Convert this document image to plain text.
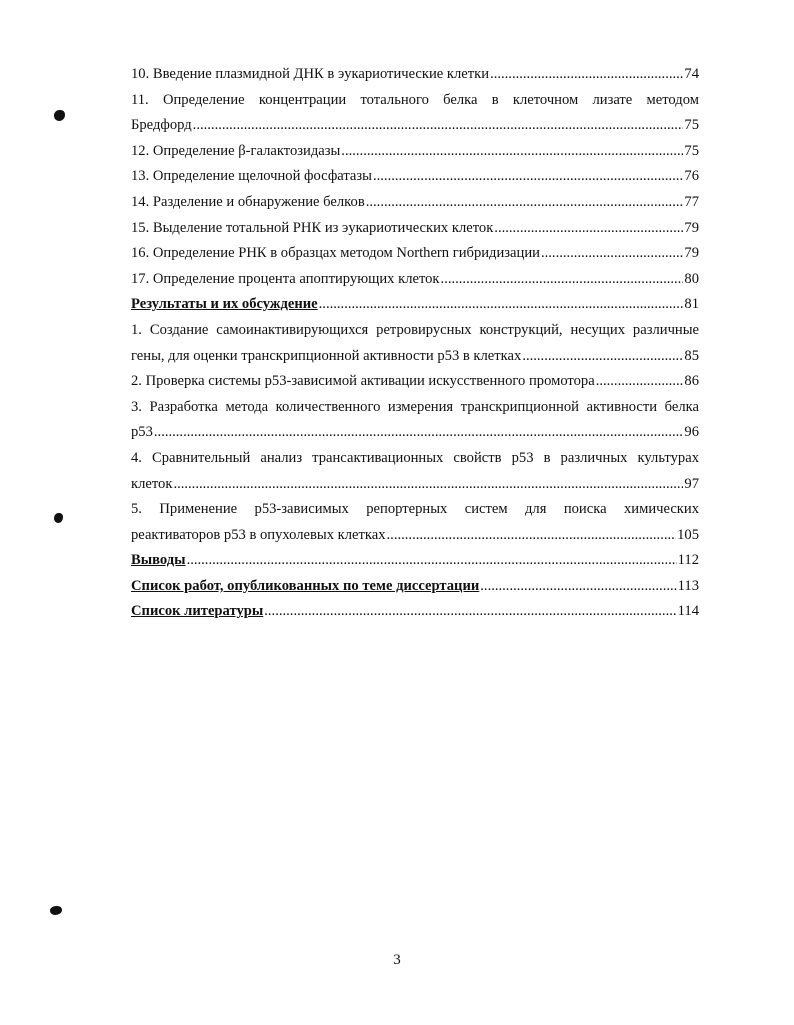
10. Введение плазмидной ДНК в эукариотические клетки .....	74
11. Определение концентрации тотального белка в клеточном лизате методом
Бредфорд .....	75
12. Определение β-галактозидазы .....	75
13. Определение щелочной фосфатазы .....	76
14. Разделение и обнаружение белков .....	77
15. Выделение тотальной РНК из эукариотических клеток .....	79
16. Определение РНК в образцах методом Northern гибридизации .....	79
17. Определение процента апоптирующих клеток .....	80
Результаты и их обсуждение .....	81
1. Создание самоинактивирующихся ретровирусных конструкций, несущих различные
гены, для оценки транскрипционной активности p53 в клетках .....	85
2. Проверка системы p53-зависимой активации искусственного промотора .....	86
3. Разработка метода количественного измерения транскрипционной активности белка
p53 .....	96
4. Сравнительный анализ трансактивационных свойств p53 в различных культурах
клеток .....	97
5. Применение p53-зависимых репортерных систем для поиска химических
реактиваторов p53 в опухолевых клетках .....	105
Выводы .....	112
Список работ, опубликованных по теме диссертации .....	113
Список литературы .....	114
3
